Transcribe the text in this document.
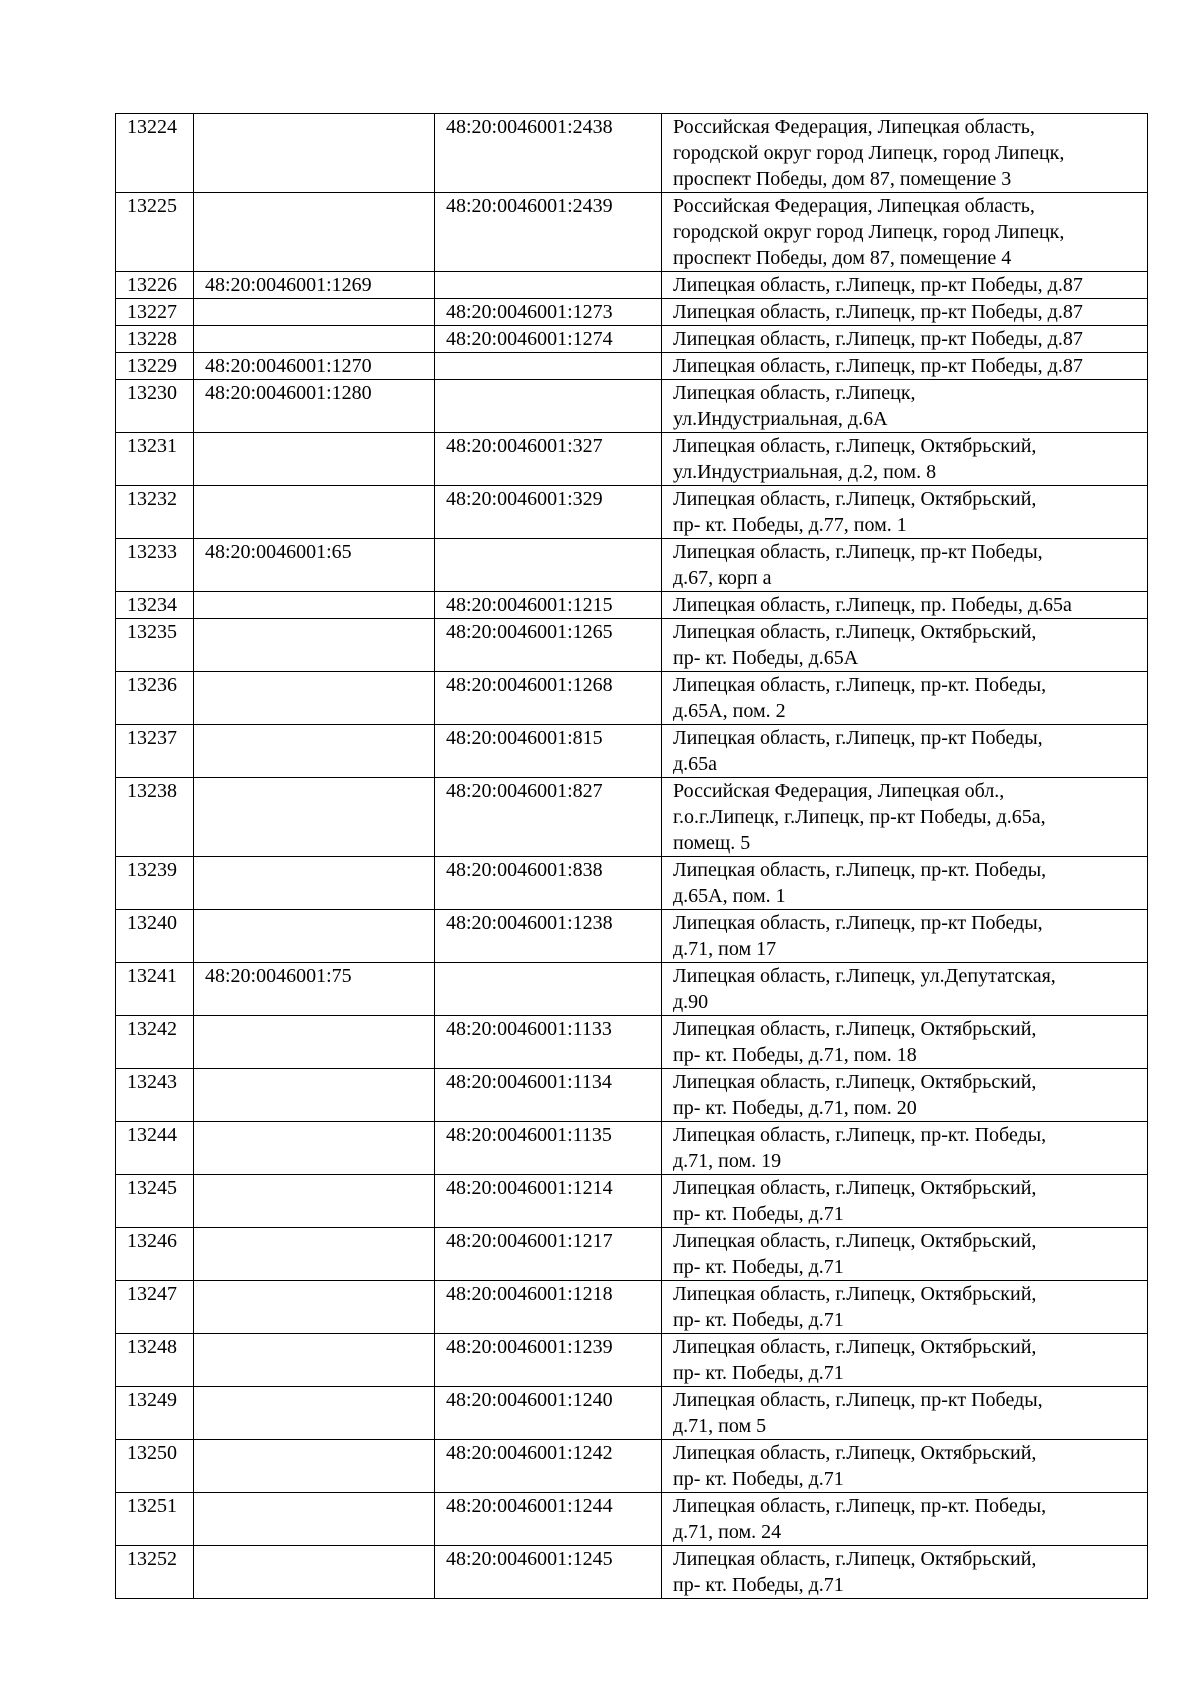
13224		48:20:0046001:2438	Российская Федерация, Липецкая область,
городской округ город Липецк, город Липецк,
проспект Победы, дом 87, помещение 3
13225		48:20:0046001:2439	Российская Федерация, Липецкая область,
городской округ город Липецк, город Липецк,
проспект Победы, дом 87, помещение 4
13226	48:20:0046001:1269		Липецкая область, г.Липецк, пр-кт Победы, д.87
13227		48:20:0046001:1273	Липецкая область, г.Липецк, пр-кт Победы, д.87
13228		48:20:0046001:1274	Липецкая область, г.Липецк, пр-кт Победы, д.87
13229	48:20:0046001:1270		Липецкая область, г.Липецк, пр-кт Победы, д.87
13230	48:20:0046001:1280		Липецкая область, г.Липецк,
ул.Индустриальная, д.6А
13231		48:20:0046001:327	Липецкая область, г.Липецк, Октябрьский,
ул.Индустриальная, д.2, пом. 8
13232		48:20:0046001:329	Липецкая область, г.Липецк, Октябрьский,
пр- кт. Победы, д.77, пом. 1
13233	48:20:0046001:65		Липецкая область, г.Липецк, пр-кт Победы,
д.67, корп а
13234		48:20:0046001:1215	Липецкая область, г.Липецк, пр. Победы, д.65а
13235		48:20:0046001:1265	Липецкая область, г.Липецк, Октябрьский,
пр- кт. Победы, д.65А
13236		48:20:0046001:1268	Липецкая область, г.Липецк, пр-кт. Победы,
д.65А, пом. 2
13237		48:20:0046001:815	Липецкая область, г.Липецк, пр-кт Победы,
д.65а
13238		48:20:0046001:827	Российская Федерация, Липецкая обл.,
г.о.г.Липецк, г.Липецк, пр-кт Победы, д.65а,
помещ. 5
13239		48:20:0046001:838	Липецкая область, г.Липецк, пр-кт. Победы,
д.65А, пом. 1
13240		48:20:0046001:1238	Липецкая область, г.Липецк, пр-кт Победы,
д.71, пом 17
13241	48:20:0046001:75		Липецкая область, г.Липецк, ул.Депутатская,
д.90
13242		48:20:0046001:1133	Липецкая область, г.Липецк, Октябрьский,
пр- кт. Победы, д.71, пом. 18
13243		48:20:0046001:1134	Липецкая область, г.Липецк, Октябрьский,
пр- кт. Победы, д.71, пом. 20
13244		48:20:0046001:1135	Липецкая область, г.Липецк, пр-кт. Победы,
д.71, пом. 19
13245		48:20:0046001:1214	Липецкая область, г.Липецк, Октябрьский,
пр- кт. Победы, д.71
13246		48:20:0046001:1217	Липецкая область, г.Липецк, Октябрьский,
пр- кт. Победы, д.71
13247		48:20:0046001:1218	Липецкая область, г.Липецк, Октябрьский,
пр- кт. Победы, д.71
13248		48:20:0046001:1239	Липецкая область, г.Липецк, Октябрьский,
пр- кт. Победы, д.71
13249		48:20:0046001:1240	Липецкая область, г.Липецк, пр-кт Победы,
д.71, пом 5
13250		48:20:0046001:1242	Липецкая область, г.Липецк, Октябрьский,
пр- кт. Победы, д.71
13251		48:20:0046001:1244	Липецкая область, г.Липецк, пр-кт. Победы,
д.71, пом. 24
13252		48:20:0046001:1245	Липецкая область, г.Липецк, Октябрьский,
пр- кт. Победы, д.71
